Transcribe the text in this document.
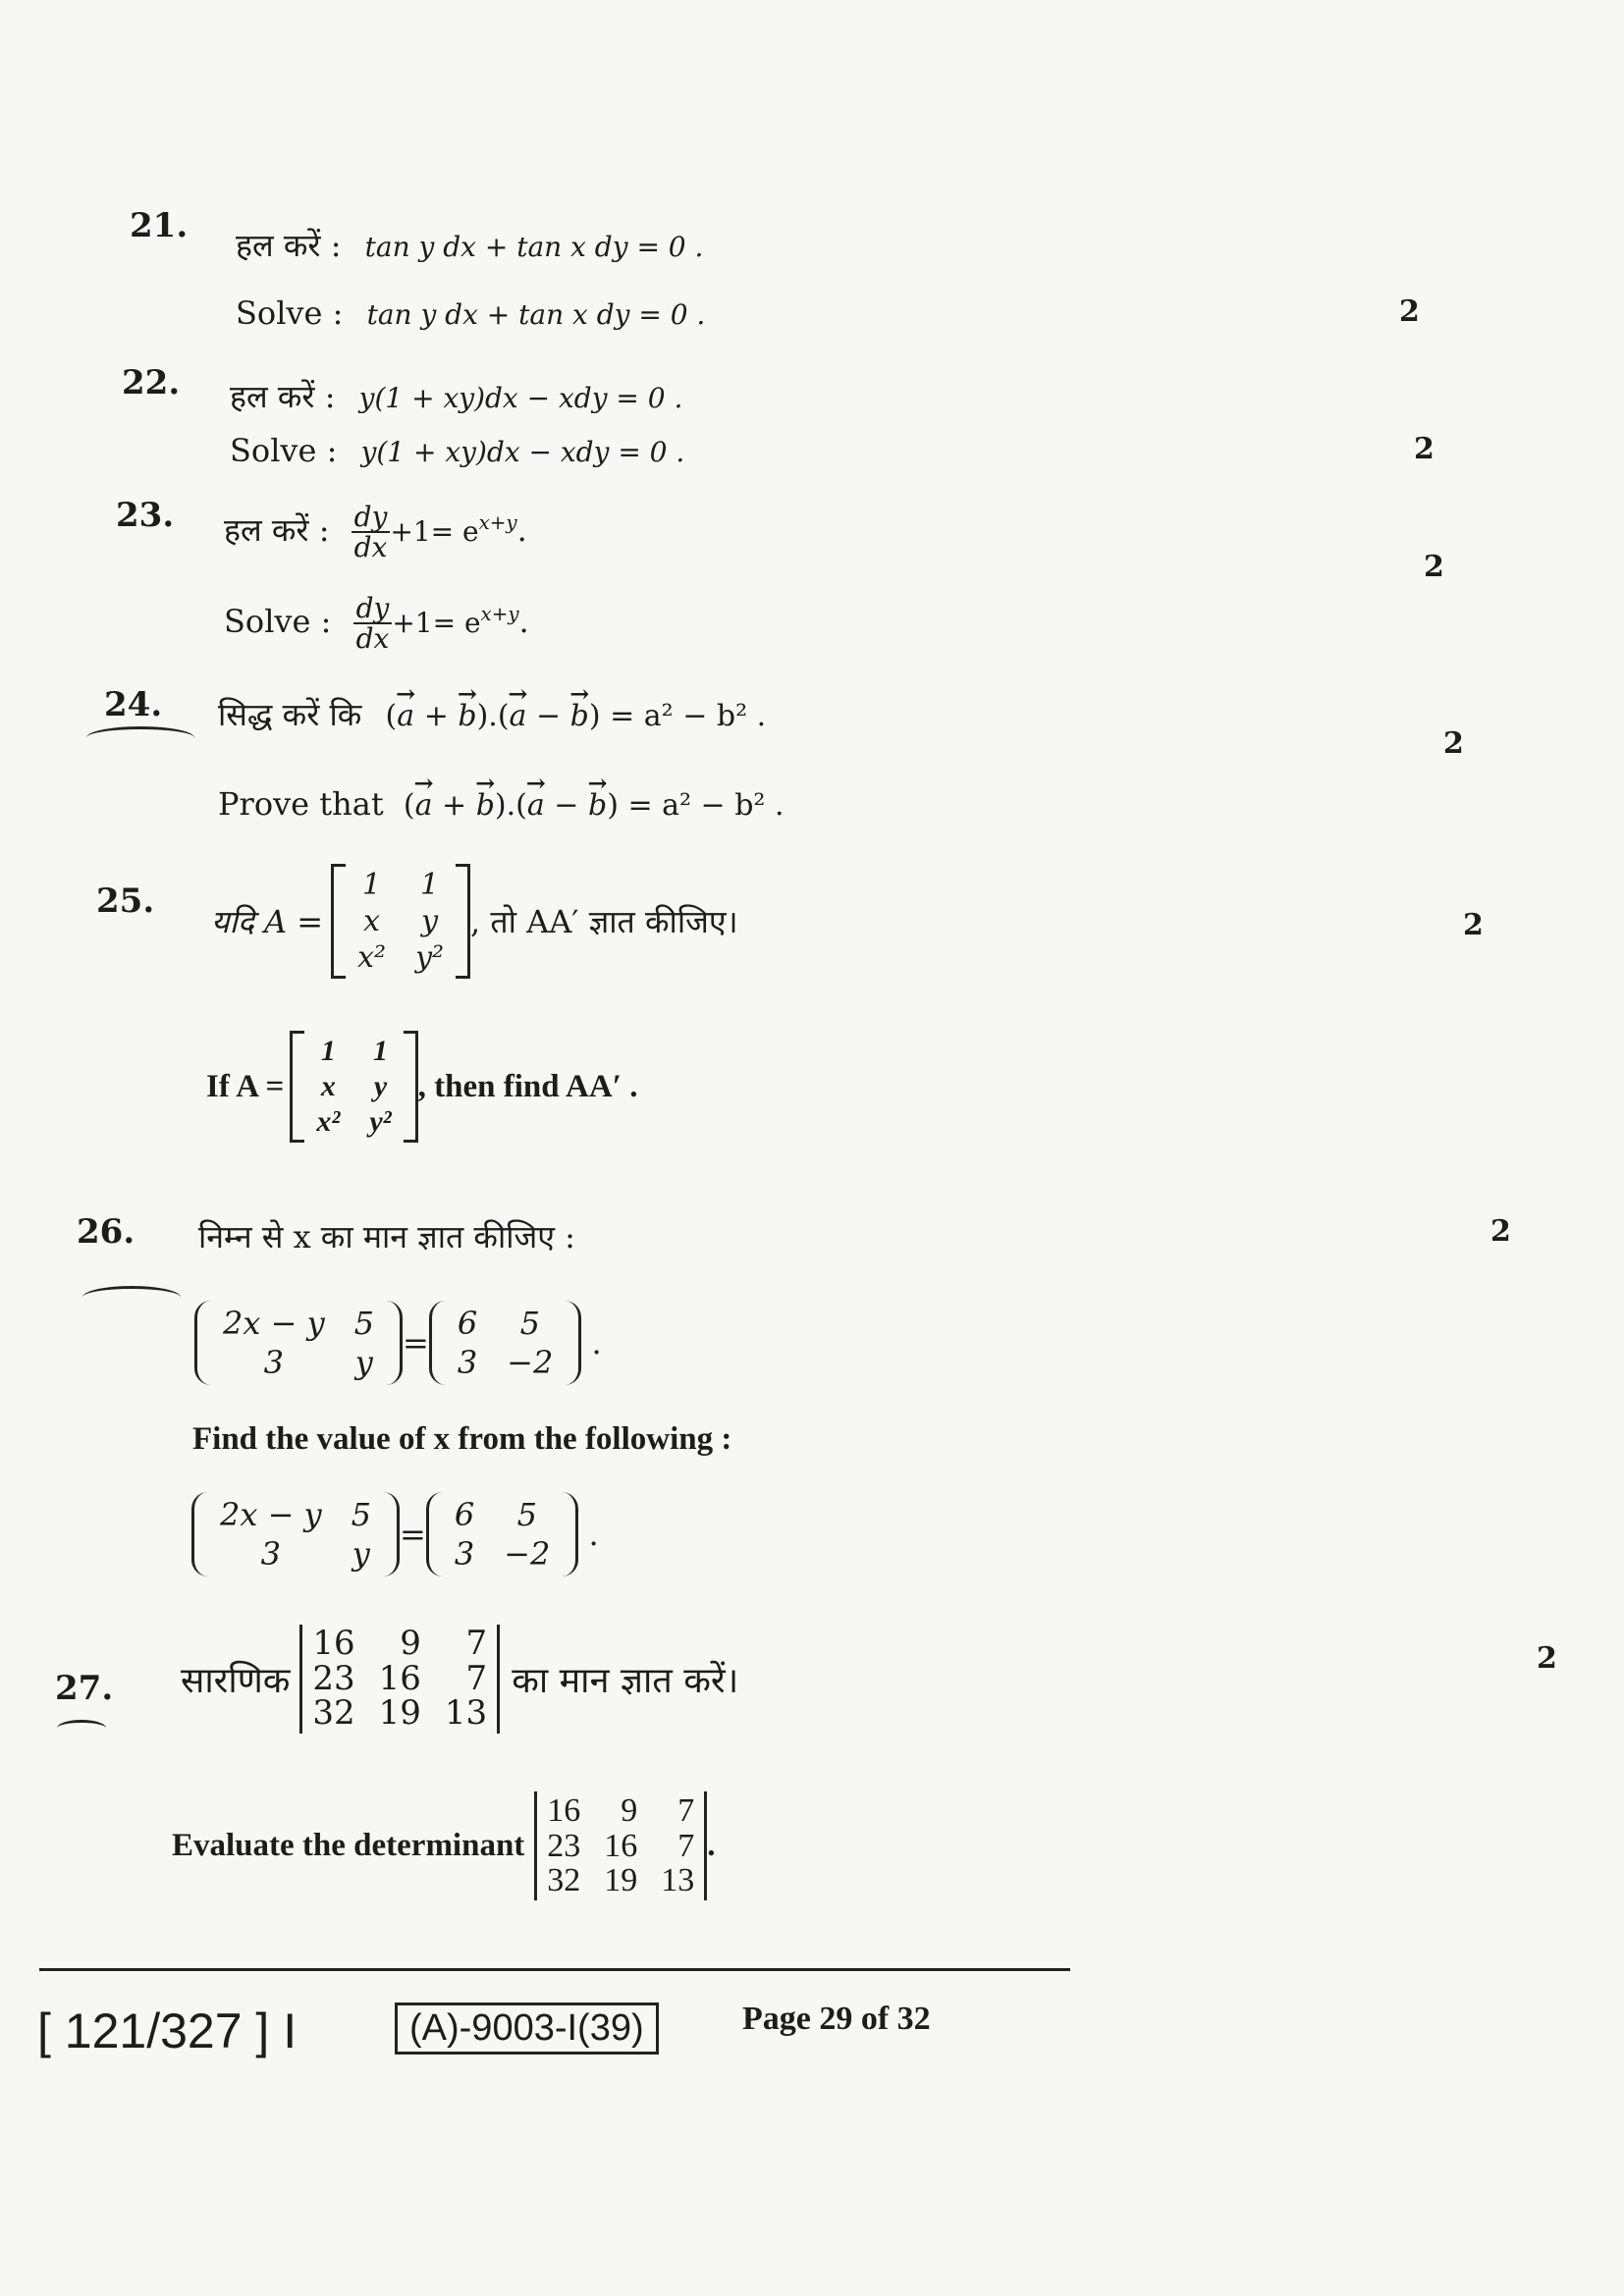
21. हल करें : tan y dx + tan x dy = 0 .
Solve : tan y dx + tan x dy = 0 .	2
22. हल करें : y(1 + xy)dx − xdy = 0 .
Solve : y(1 + xy)dx − xdy = 0 .	2
23. हल करें : $\frac{dy}{dx} +1= e^{x+y}$.
Solve : $\frac{dy}{dx} +1= e^{x+y}$.
2
24. सिद्ध करें कि (→ a + → b).(→ a − → b) = a² − b² .
Prove that (→ a + → b).(→ a − → b) = a² − b² .
2
25.
यदि A =
1 1
x y
x² y²
, तो AA′ ज्ञात कीजिए।	2
If A =
1 1
x y
x² y²
, then find AA′ .
26. निम्न से x का मान ज्ञात कीजिए :	2
2x − y 5
3	y
=
6	5
3 −2
.
Find the value of x from the following :
2x − y 5
3	y
=
6	5
3 −2
.
27. सारणिक
16	9	7
23 16	7
32 19 13
का मान ज्ञात करें।
2
Evaluate the determinant
16	9	7
23 16	7
32 19 13
.
[ 121/327 ] I	(A)-9003-I(39)	Page 29 of 32
